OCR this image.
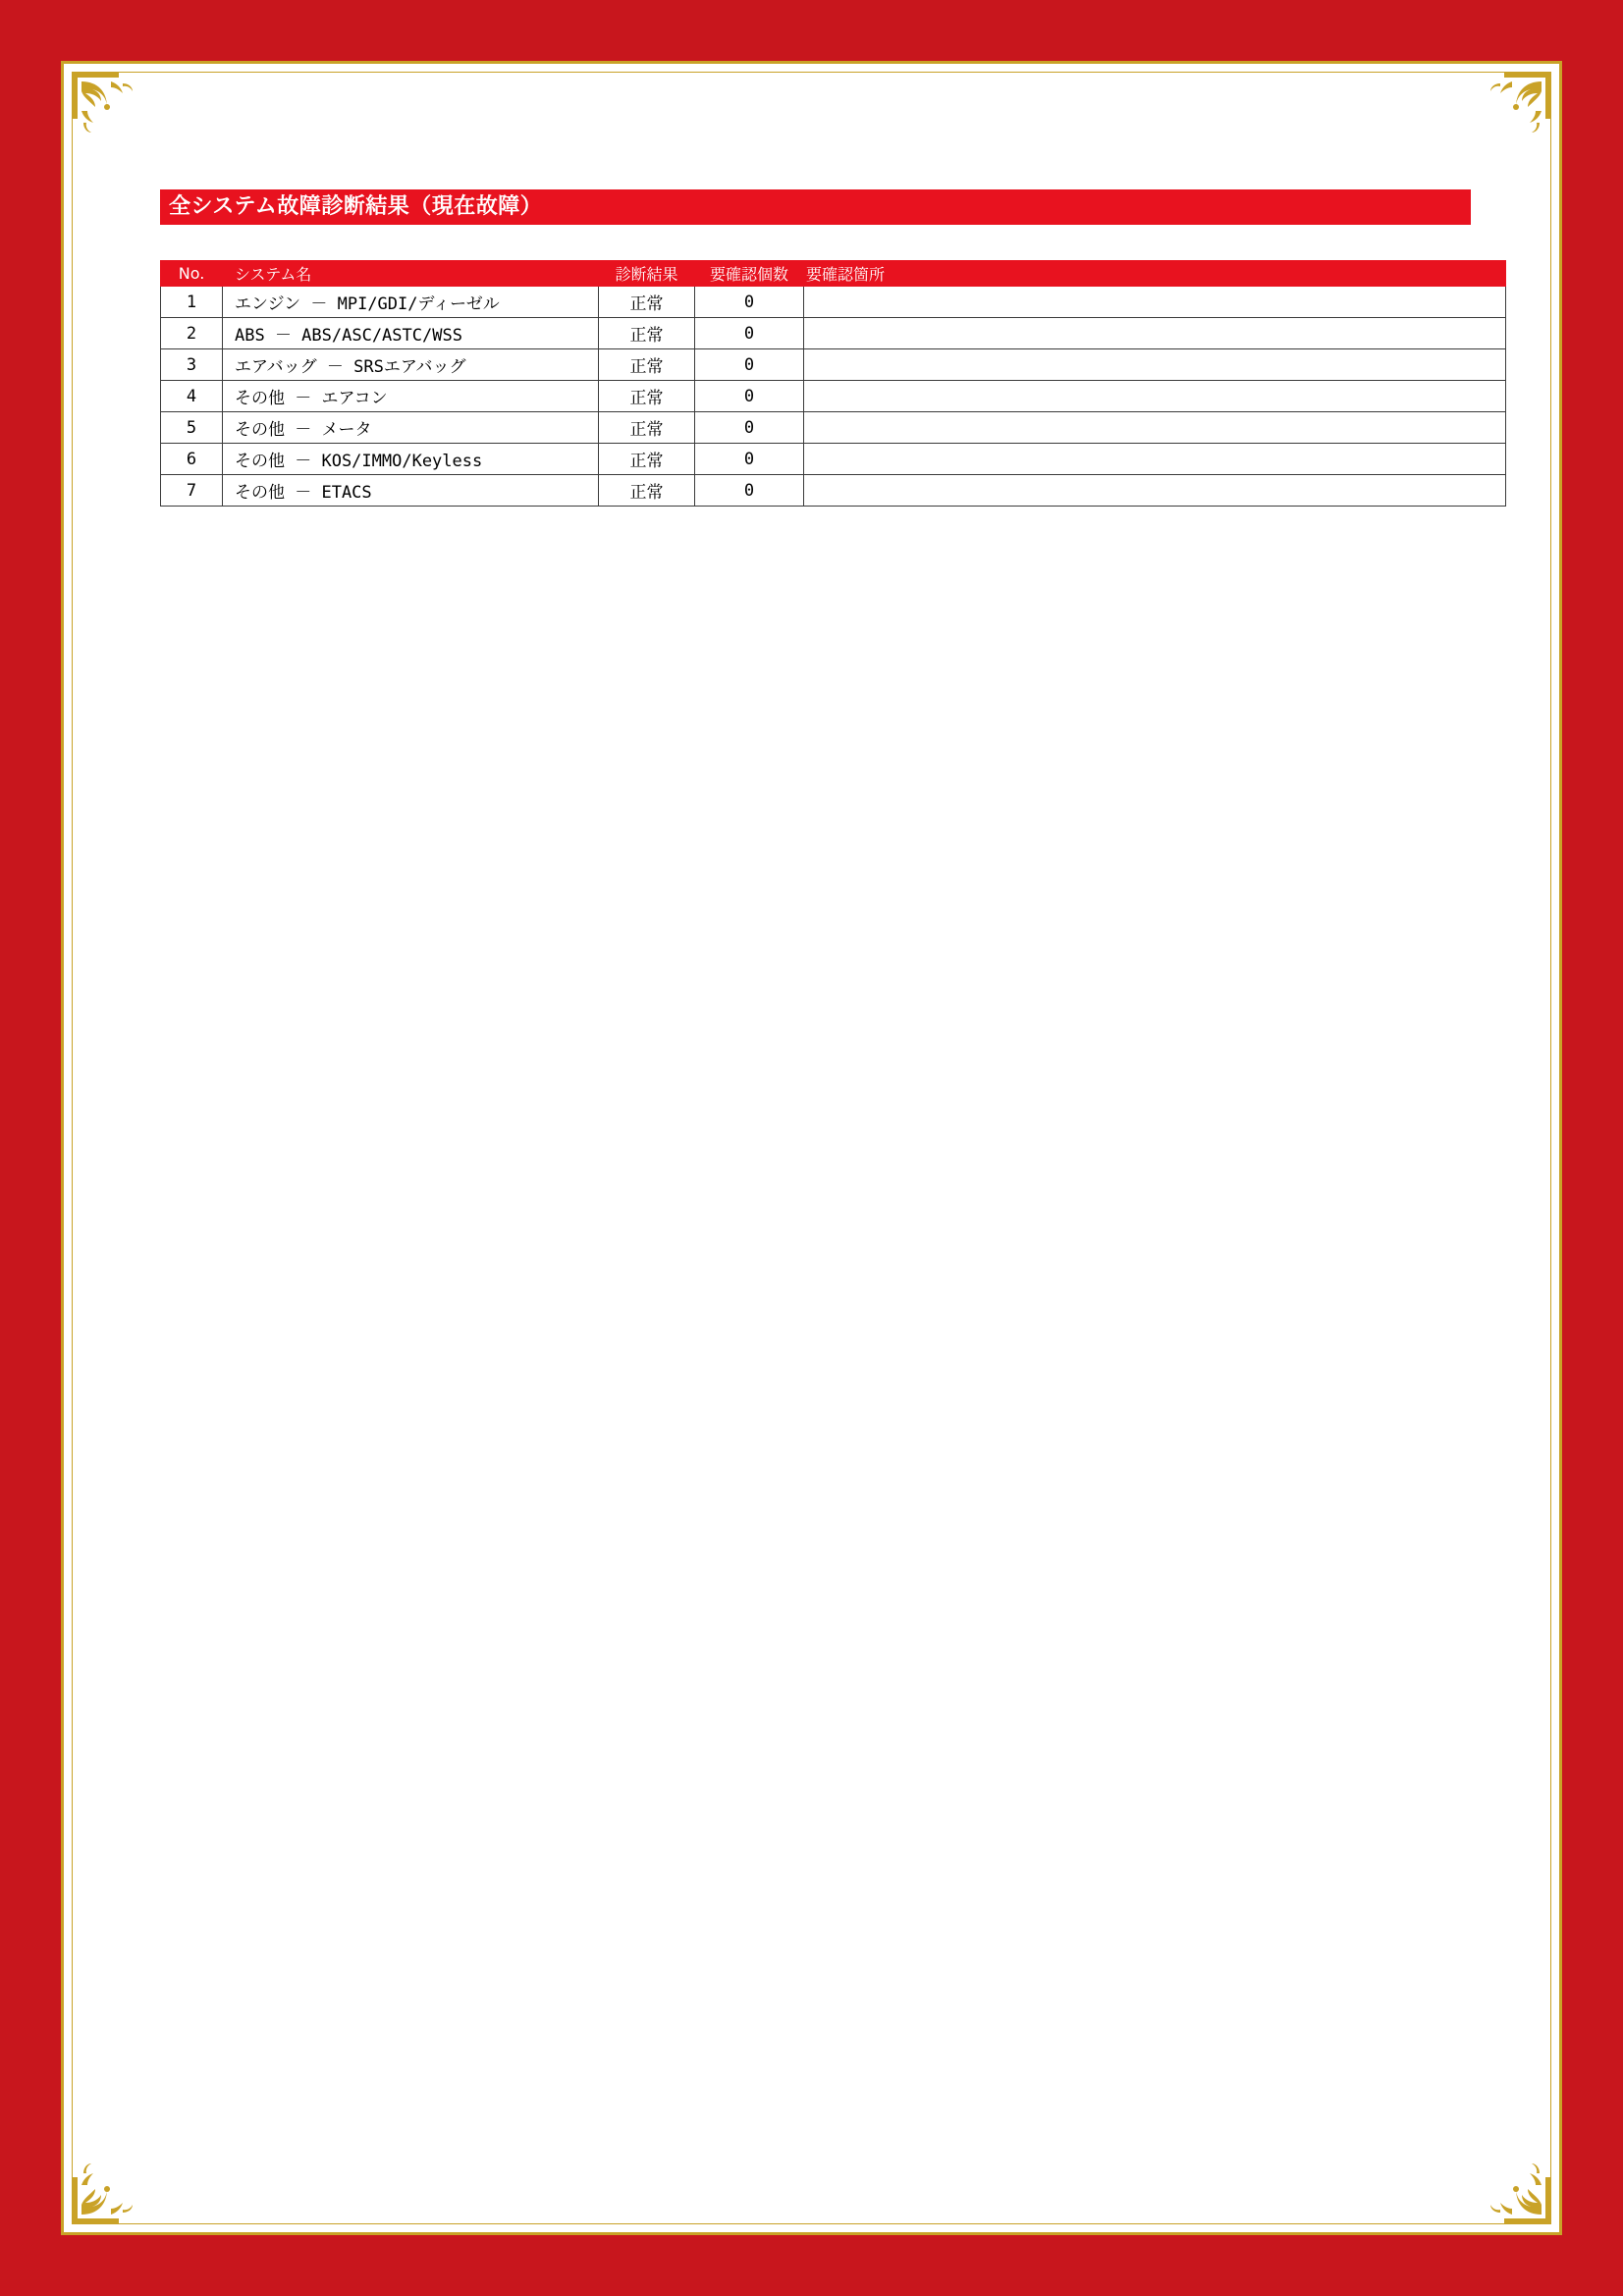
全システム故障診断結果（現在故障）
No.	システム名	診断結果	要確認個数	要確認箇所
1	エンジン － MPI/GDI/ディーゼル	正常	0	
2	ABS － ABS/ASC/ASTC/WSS	正常	0	
3	エアバッグ － SRSエアバッグ	正常	0	
4	その他 － エアコン	正常	0	
5	その他 － メータ	正常	0	
6	その他 － KOS/IMMO/Keyless	正常	0	
7	その他 － ETACS	正常	0	
